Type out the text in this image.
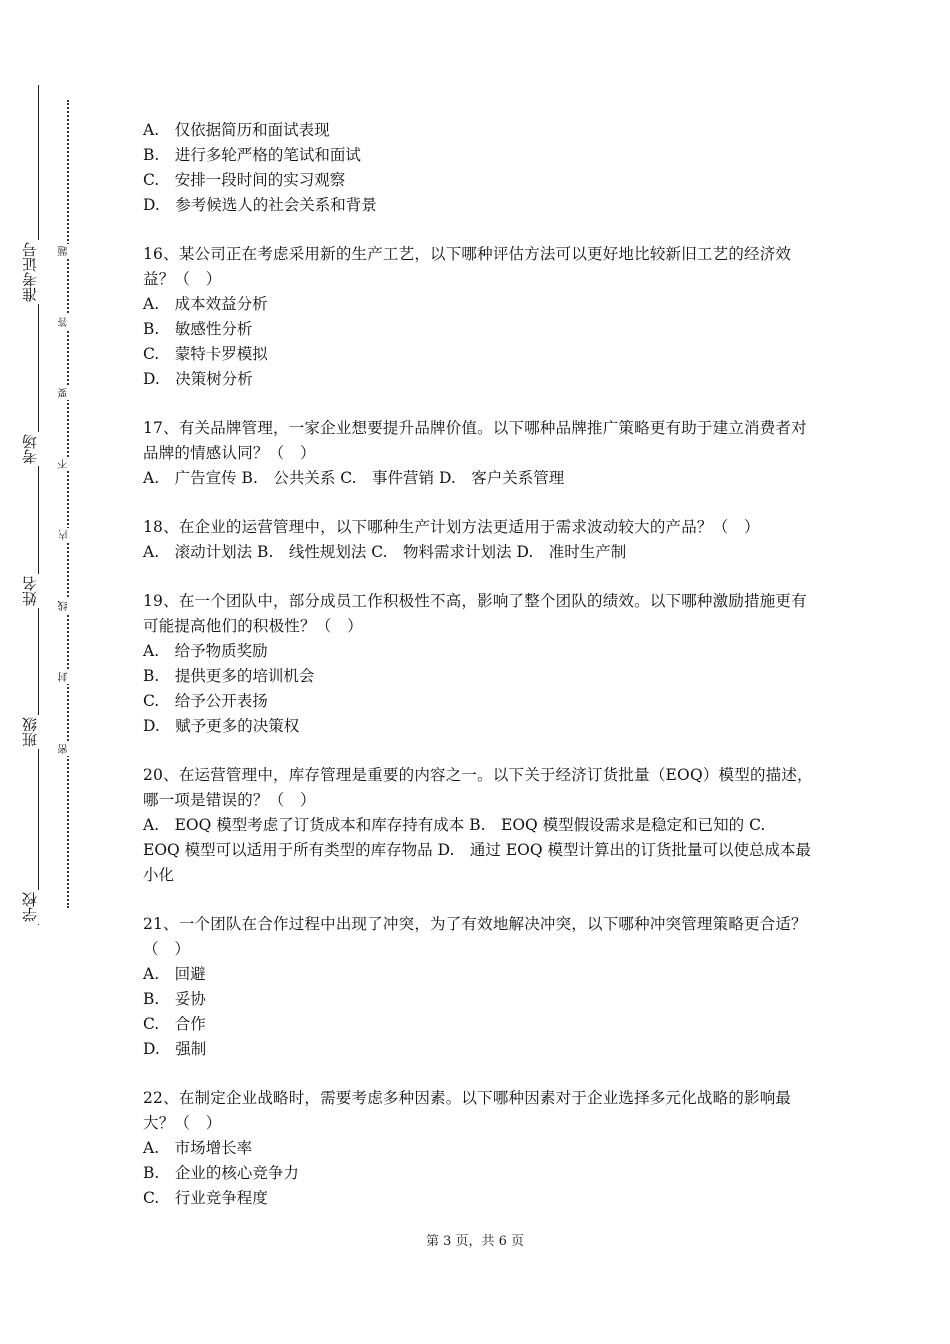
准考证号
考场
姓名
班级
学校
题
答
要
不
内
线
封
密

A.　仅依据简历和面试表现

B.　进行多轮严格的笔试和面试

C.　安排一段时间的实习观察

D.　参考候选人的社会关系和背景

16、某公司正在考虑采用新的生产工艺，以下哪种评估方法可以更好地比较新旧工艺的经济效益？（　）

A.　成本效益分析

B.　敏感性分析

C.　蒙特卡罗模拟

D.　决策树分析

17、有关品牌管理，一家企业想要提升品牌价值。以下哪种品牌推广策略更有助于建立消费者对品牌的情感认同？（　）

A.　广告宣传 B.　公共关系 C.　事件营销 D.　客户关系管理

18、在企业的运营管理中，以下哪种生产计划方法更适用于需求波动较大的产品？（　）

A.　滚动计划法 B.　线性规划法 C.　物料需求计划法 D.　准时生产制

19、在一个团队中，部分成员工作积极性不高，影响了整个团队的绩效。以下哪种激励措施更有可能提高他们的积极性？（　）

A.　给予物质奖励

B.　提供更多的培训机会

C.　给予公开表扬

D.　赋予更多的决策权

20、在运营管理中，库存管理是重要的内容之一。以下关于经济订货批量（EOQ）模型的描述，哪一项是错误的？（　）

A.　EOQ 模型考虑了订货成本和库存持有成本 B.　EOQ 模型假设需求是稳定和已知的 C.　EOQ 模型可以适用于所有类型的库存物品 D.　通过 EOQ 模型计算出的订货批量可以使总成本最小化

21、一个团队在合作过程中出现了冲突，为了有效地解决冲突，以下哪种冲突管理策略更合适？（　）

A.　回避

B.　妥协

C.　合作

D.　强制

22、在制定企业战略时，需要考虑多种因素。以下哪种因素对于企业选择多元化战略的影响最大？（　）

A.　市场增长率

B.　企业的核心竞争力

C.　行业竞争程度

第 3 页，共 6 页
